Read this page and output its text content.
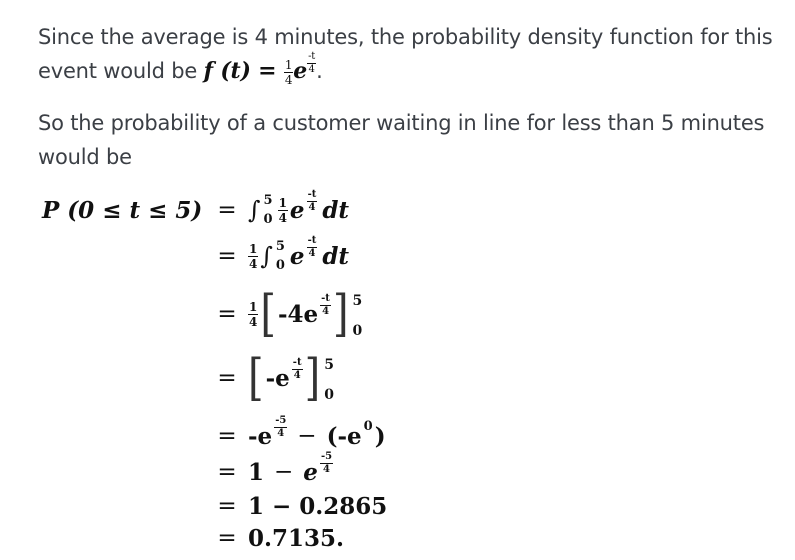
Since the average is 4 minutes, the probability density function for this event would be f $(t) = \frac{1}{4}$ e $\frac{-t}{4}$ .
So the probability of a customer waiting in line for less than 5 minutes would be
P (0 ≤ t ≤ 5) = ∫ 5
$0 \frac{1}{4}$ e $\frac{-t}{4}$ dt
= $\frac{1}{4}$ ∫ 5
0 e $\frac{-t}{4}$ dt
= $\frac{1}{4}$ [ $-4e \frac{-t}{4}$ ] 5
0
= [ $-e \frac{-t}{4}$ ] 5
0
= $-e \frac{-5}{4} - (-e$ 0 )
= 1 − e $\frac{-5}{4}$
= 1 − 0.2865
= 0.7135.
